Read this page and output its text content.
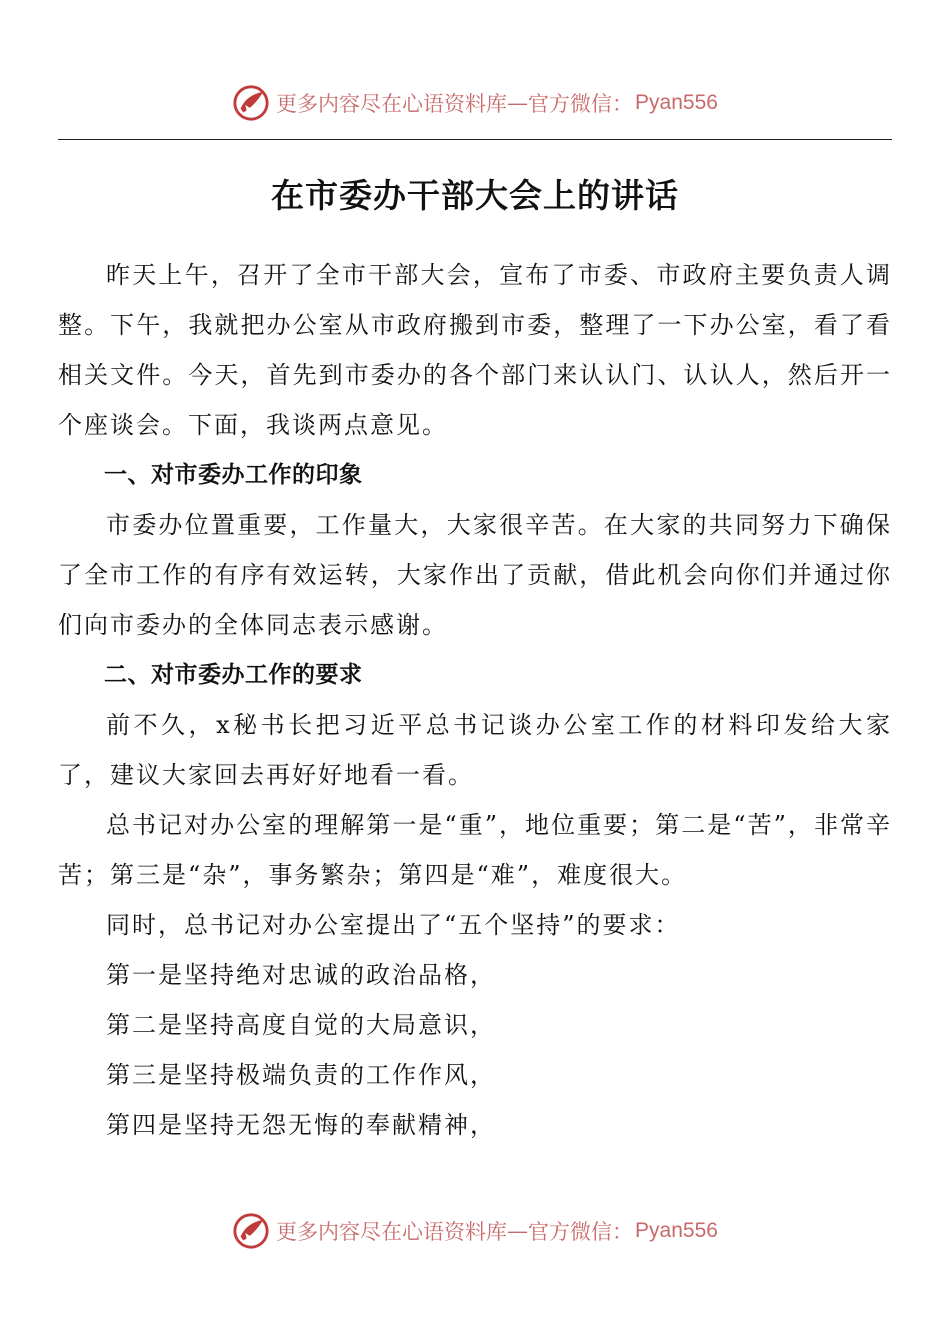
更多内容尽在心语资料库 — 官方微信： Pyan556
在市委办干部大会上的讲话

昨天上午，召开了全市干部大会，宣布了市委、市政府主要负责人调整。下午，我就把办公室从市政府搬到市委，整理了一下办公室，看了看相关文件。今天，首先到市委办的各个部门来认认门、认认人，然后开一个座谈会。下面，我谈两点意见。

一、对市委办工作的印象

市委办位置重要，工作量大，大家很辛苦。在大家的共同努力下确保了全市工作的有序有效运转，大家作出了贡献，借此机会向你们并通过你们向市委办的全体同志表示感谢。

二、对市委办工作的要求

前不久，x秘书长把习近平总书记谈办公室工作的材料印发给大家了，建议大家回去再好好地看一看。

总书记对办公室的理解第一是“重”，地位重要；第二是“苦”，非常辛苦；第三是“杂”，事务繁杂；第四是“难”，难度很大。

同时，总书记对办公室提出了“五个坚持”的要求：

第一是坚持绝对忠诚的政治品格，

第二是坚持高度自觉的大局意识，

第三是坚持极端负责的工作作风，

第四是坚持无怨无悔的奉献精神，

更多内容尽在心语资料库 — 官方微信： Pyan556
